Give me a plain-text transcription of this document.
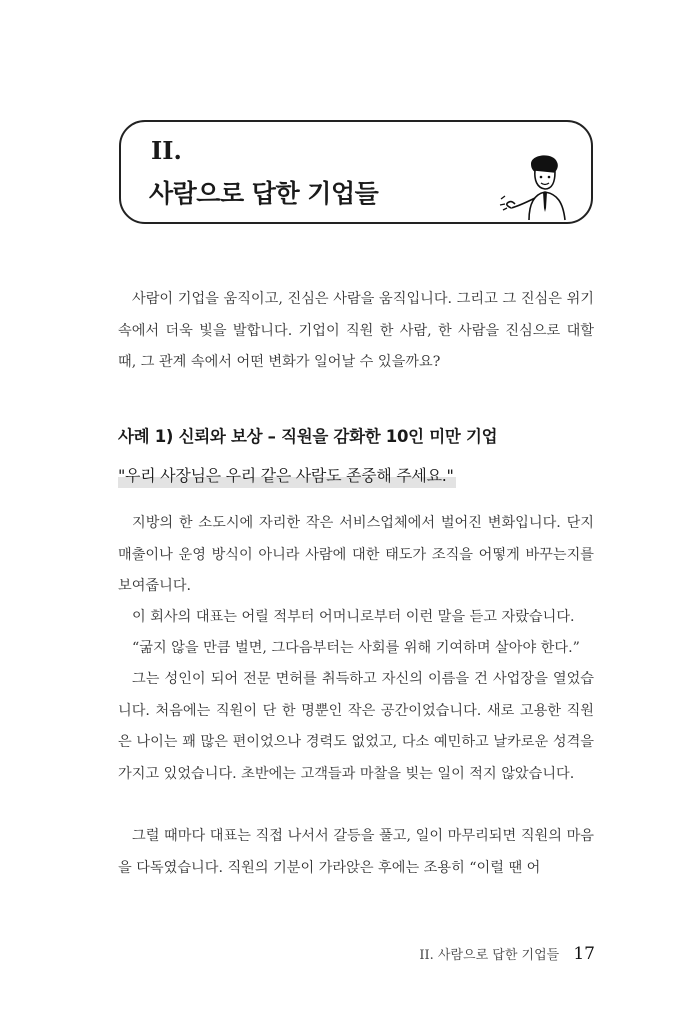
II.
사람으로 답한 기업들

사람이 기업을 움직이고, 진심은 사람을 움직입니다. 그리고 그 진심은 위기 속에서 더욱 빛을 발합니다. 기업이 직원 한 사람, 한 사람을 진심으로 대할 때, 그 관계 속에서 어떤 변화가 일어날 수 있을까요?

사례 1) 신뢰와 보상 – 직원을 감화한 10인 미만 기업
"우리 사장님은 우리 같은 사람도 존중해 주세요."

지방의 한 소도시에 자리한 작은 서비스업체에서 벌어진 변화입니다. 단지 매출이나 운영 방식이 아니라 사람에 대한 태도가 조직을 어떻게 바꾸는지를 보여줍니다.

이 회사의 대표는 어릴 적부터 어머니로부터 이런 말을 듣고 자랐습니다.

“굶지 않을 만큼 벌면, 그다음부터는 사회를 위해 기여하며 살아야 한다.”

그는 성인이 되어 전문 면허를 취득하고 자신의 이름을 건 사업장을 열었습니다. 처음에는 직원이 단 한 명뿐인 작은 공간이었습니다. 새로 고용한 직원은 나이는 꽤 많은 편이었으나 경력도 없었고, 다소 예민하고 날카로운 성격을 가지고 있었습니다. 초반에는 고객들과 마찰을 빚는 일이 적지 않았습니다.

그럴 때마다 대표는 직접 나서서 갈등을 풀고, 일이 마무리되면 직원의 마음을 다독였습니다. 직원의 기분이 가라앉은 후에는 조용히 “이럴 땐 어

II. 사람으로 답한 기업들 17
